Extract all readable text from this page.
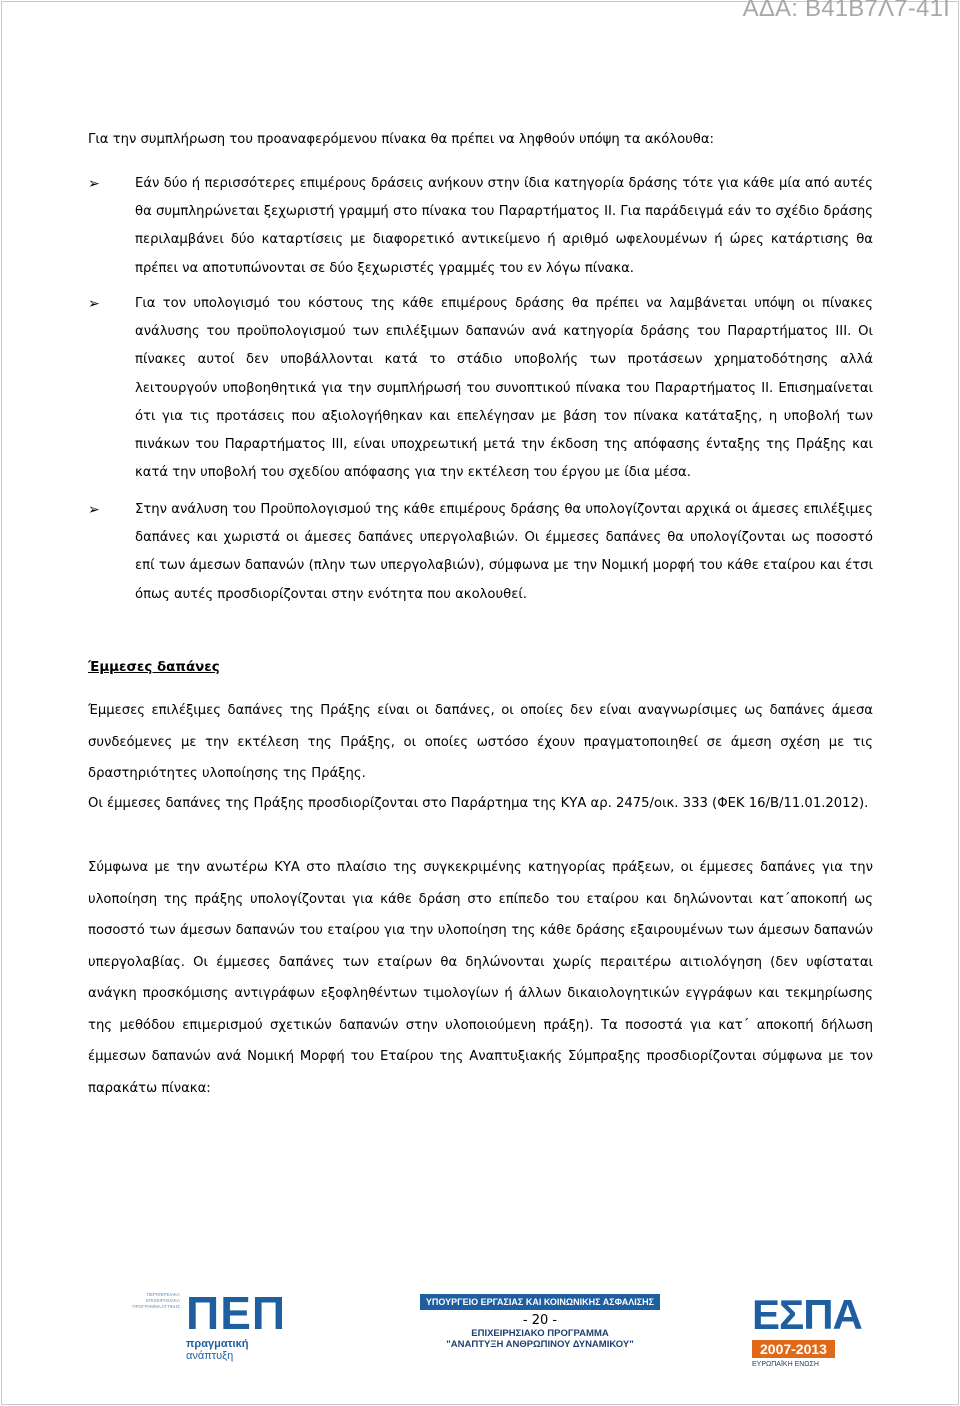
ΑΔΑ: Β41Β7Λ7-41Ι
Για την συμπλήρωση του προαναφερόμενου πίνακα θα πρέπει να ληφθούν υπόψη τα ακόλουθα:
➢	Εάν δύο ή περισσότερες επιμέρους δράσεις ανήκουν στην ίδια κατηγορία δράσης τότε για κάθε μία από αυτές θα συμπληρώνεται ξεχωριστή γραμμή στο πίνακα του Παραρτήματος ΙΙ. Για παράδειγμά εάν το σχέδιο δράσης περιλαμβάνει δύο καταρτίσεις με διαφορετικό αντικείμενο ή αριθμό ωφελουμένων ή ώρες κατάρτισης θα πρέπει να αποτυπώνονται σε δύο ξεχωριστές γραμμές του εν λόγω πίνακα.
➢	Για τον υπολογισμό του κόστους της κάθε επιμέρους δράσης θα πρέπει να λαμβάνεται υπόψη οι πίνακες ανάλυσης του προϋπολογισμού των επιλέξιμων δαπανών ανά κατηγορία δράσης του Παραρτήματος ΙΙΙ. Οι πίνακες αυτοί δεν υποβάλλονται κατά το στάδιο υποβολής των προτάσεων χρηματοδότησης αλλά λειτουργούν υποβοηθητικά για την συμπλήρωσή του συνοπτικού πίνακα του Παραρτήματος ΙΙ. Επισημαίνεται ότι για τις προτάσεις που αξιολογήθηκαν και επελέγησαν με βάση τον πίνακα κατάταξης, η υποβολή των πινάκων του Παραρτήματος ΙΙΙ, είναι υποχρεωτική μετά την έκδοση της απόφασης ένταξης της Πράξης και κατά την υποβολή του σχεδίου απόφασης για την εκτέλεση του έργου με ίδια μέσα.
➢	Στην ανάλυση του Προϋπολογισμού της κάθε επιμέρους δράσης θα υπολογίζονται αρχικά οι άμεσες επιλέξιμες δαπάνες και χωριστά οι άμεσες δαπάνες υπεργολαβιών. Οι έμμεσες δαπάνες θα υπολογίζονται ως ποσοστό επί των άμεσων δαπανών (πλην των υπεργολαβιών), σύμφωνα με την Νομική μορφή του κάθε εταίρου και έτσι όπως αυτές προσδιορίζονται στην ενότητα που ακολουθεί.
Έμμεσες δαπάνες
Έμμεσες επιλέξιμες δαπάνες της Πράξης είναι οι δαπάνες, οι οποίες δεν είναι αναγνωρίσιμες ως δαπάνες άμεσα συνδεόμενες με την εκτέλεση της Πράξης, οι οποίες ωστόσο έχουν πραγματοποιηθεί σε άμεση σχέση με τις δραστηριότητες υλοποίησης της Πράξης.
Οι έμμεσες δαπάνες της Πράξης προσδιορίζονται στο Παράρτημα της ΚΥΑ αρ. 2475/οικ. 333 (ΦΕΚ 16/Β/11.01.2012).
Σύμφωνα με την ανωτέρω ΚΥΑ στο πλαίσιο της συγκεκριμένης κατηγορίας πράξεων, οι έμμεσες δαπάνες για την υλοποίηση της πράξης υπολογίζονται για κάθε δράση στο επίπεδο του εταίρου και δηλώνονται κατ΄αποκοπή ως ποσοστό των άμεσων δαπανών του εταίρου για την υλοποίηση της κάθε δράσης εξαιρουμένων των άμεσων δαπανών υπεργολαβίας. Οι έμμεσες δαπάνες των εταίρων θα δηλώνονται χωρίς περαιτέρω αιτιολόγηση (δεν υφίσταται ανάγκη προσκόμισης αντιγράφων εξοφληθέντων τιμολογίων ή άλλων δικαιολογητικών εγγράφων και τεκμηρίωσης της μεθόδου επιμερισμού σχετικών δαπανών στην υλοποιούμενη πράξη). Τα ποσοστά για κατ΄ αποκοπή δήλωση έμμεσων δαπανών ανά Νομική Μορφή του Εταίρου της Αναπτυξιακής Σύμπραξης προσδιορίζονται σύμφωνα με τον παρακάτω πίνακα:
ΠΕΡΙΦΕΡΕΙΑΚΑ ΕΠΙΧΕΙΡΗΣΙΑΚΑ ΠΡΟΓΡΑΜΜΑ ΑΤΤΙΚΗΣ ΠΕΠ
πραγματική
ανάπτυξη
ΥΠΟΥΡΓΕΙΟ ΕΡΓΑΣΙΑΣ ΚΑΙ ΚΟΙΝΩΝΙΚΗΣ ΑΣΦΑΛΙΣΗΣ
- 20 -
ΕΠΙΧΕΙΡΗΣΙΑΚΟ ΠΡΟΓΡΑΜΜΑ
"ΑΝΑΠΤΥΞΗ ΑΝΘΡΩΠΙΝΟΥ ΔΥΝΑΜΙΚΟΥ"
ΕΣΠΑ
2007-2013
ΕΥΡΩΠΑΪΚΗ ΕΝΩΣΗ
